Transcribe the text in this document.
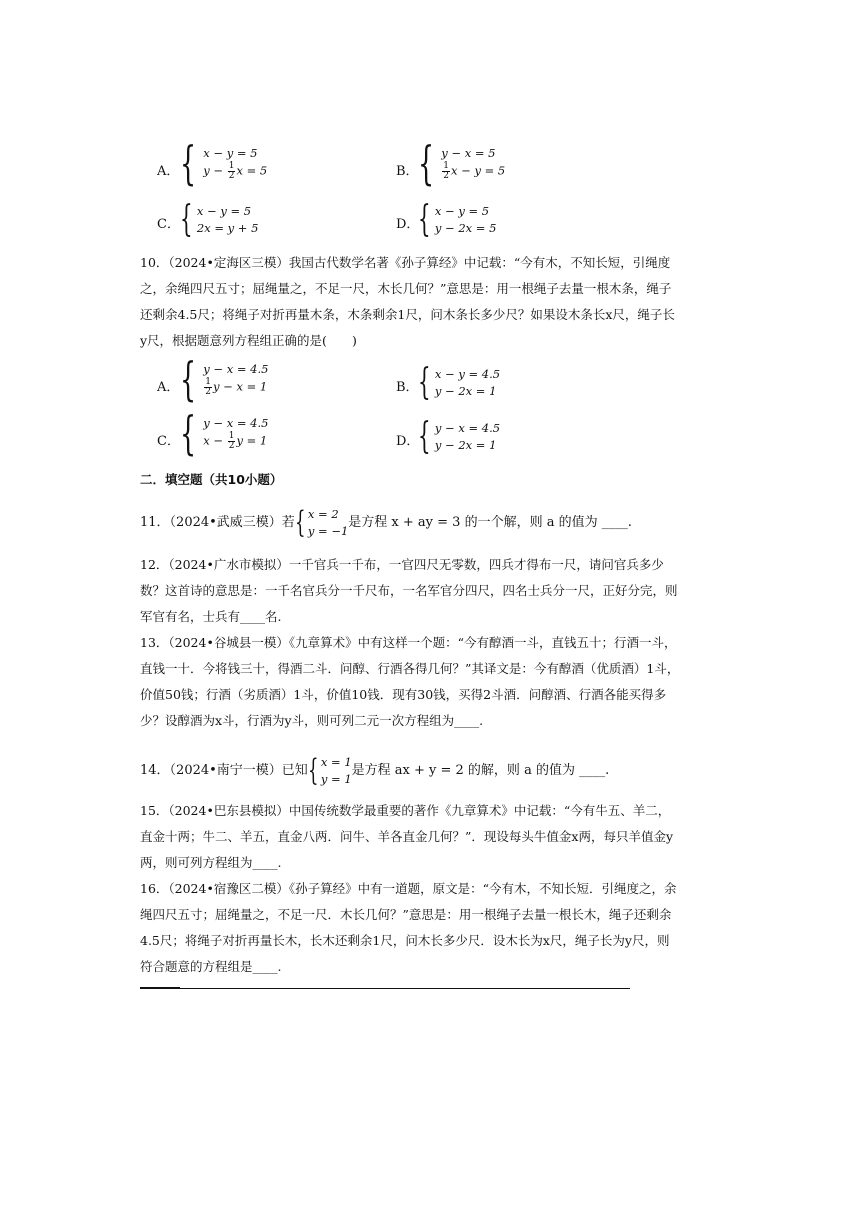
A． { x − y = 5
$y - \frac{1}{2}$ x = 5	B． { y − x = 5
$\frac{1}{2}$ x − y = 5
C． { x − y = 5
2x = y + 5	D．
{ x − y = 5
y − 2x = 5
10．（2024•定海区三模）我国古代数学名著《孙子算经》中记载：“今有木，不知长短，引绳度之，余绳四尺五寸；屈绳量之，不足一尺，木长几何？”意思是：用一根绳子去量一根木条，绳子还剩余4.5尺；将绳子对折再量木条，木条剩余1尺，问木条长多少尺？如果设木条长x尺，绳子长y尺，根据题意列方程组正确的是(　　)
A． { y − x = 4.5
$\frac{1}{2}$ y − x = 1	B． { x − y = 4.5
y − 2x = 1
C． { y − x = 4.5
$x - \frac{1}{2}$ y = 1	D．
{ y − x = 4.5
y − 2x = 1
二．填空题（共10小题）
11．（2024•武威三模）若 { x = 2
y = −1
是方程 x + ay = 3 的一个解，则 a 的值为 ____.
12．（2024•广水市模拟）一千官兵一千布，一官四尺无零数，四兵才得布一尺，请问官兵多少数？这首诗的意思是：一千名官兵分一千尺布，一名军官分四尺，四名士兵分一尺，正好分完，则军官有名，士兵有____名.
13．（2024•谷城县一模）《九章算术》中有这样一个题：“今有醇酒一斗，直钱五十；行酒一斗，直钱一十．今将钱三十，得酒二斗．问醇、行酒各得几何？”其译文是：今有醇酒（优质酒）1斗，价值50钱；行酒（劣质酒）1斗，价值10钱．现有30钱，买得2斗酒．问醇酒、行酒各能买得多少？设醇酒为x斗，行酒为y斗，则可列二元一次方程组为____.
14．（2024•南宁一模）已知 { x = 1
y = 1
是方程 ax + y = 2 的解，则 a 的值为 ____.
15．（2024•巴东县模拟）中国传统数学最重要的著作《九章算术》中记载：“今有牛五、羊二，直金十两；牛二、羊五，直金八两．问牛、羊各直金几何？”．现设每头牛值金x两，每只羊值金y两，则可列方程组为____.
16．（2024•宿豫区二模）《孙子算经》中有一道题，原文是：“今有木，不知长短．引绳度之，余绳四尺五寸；屈绳量之，不足一尺．木长几何？”意思是：用一根绳子去量一根长木，绳子还剩余4.5尺；将绳子对折再量长木，长木还剩余1尺，问木长多少尺．设木长为x尺，绳子长为y尺，则符合题意的方程组是____.
